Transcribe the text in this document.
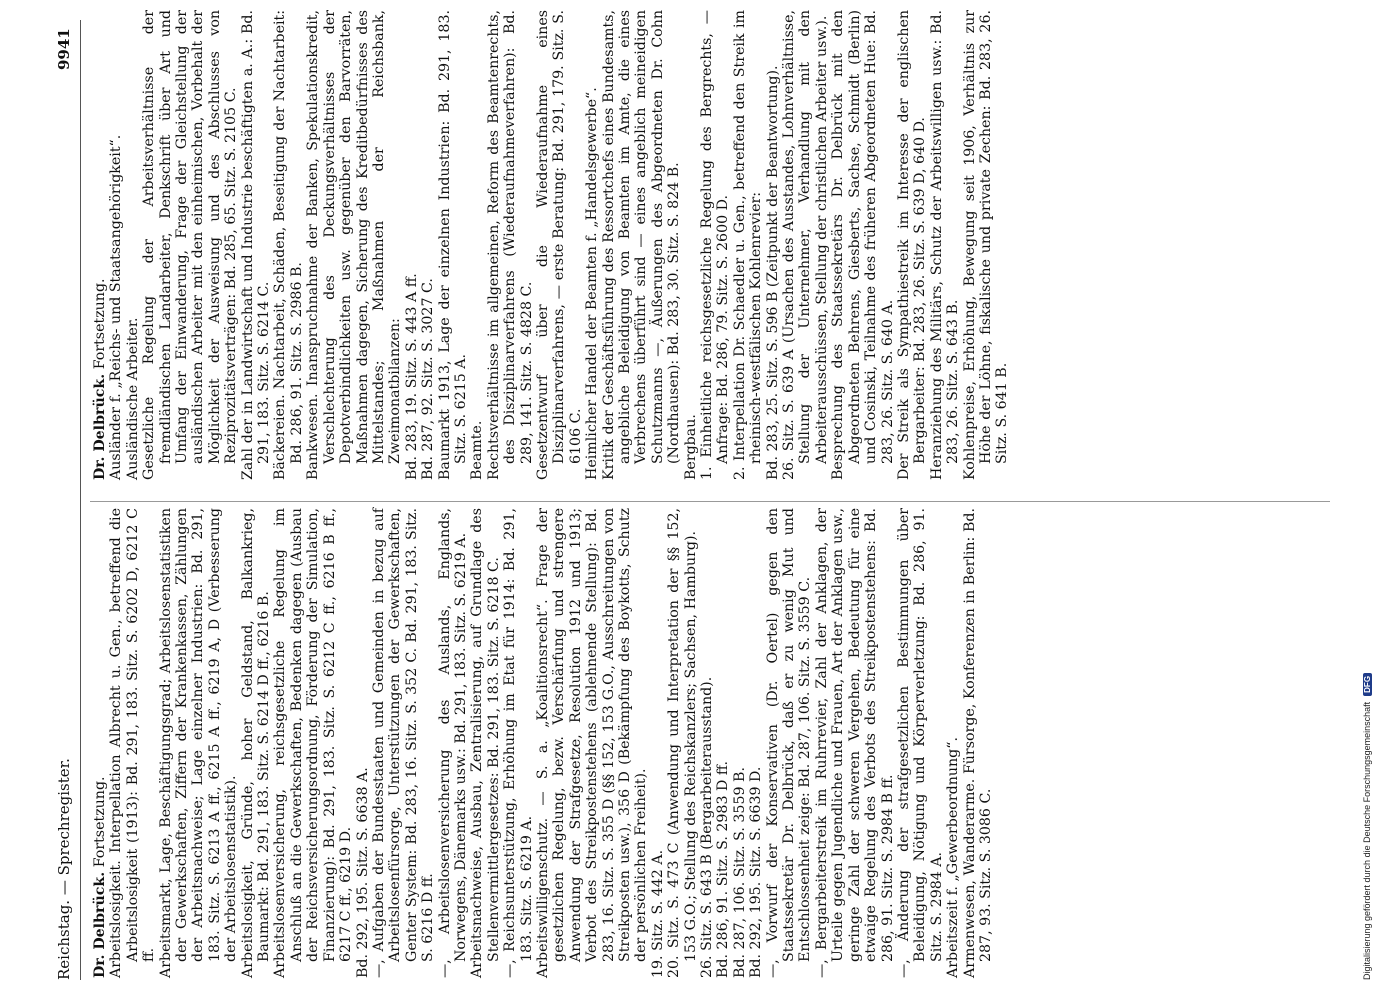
Reichstag. — Sprechregister.
9941
Dr. Delbrück. Fortsetzung. Arbeitslosigkeit. Interpellation Albrecht u. Gen., betreffend die Arbeitslosigkeit (1913): Bd. 291, 183. Sitz. S. 6202 D, 6212 C ff. Arbeitsmarkt, Lage, Beschäftigungsgrad; Arbeitslosenstatistiken der Gewerkschaften, Ziffern der Krankenkassen, Zählungen der Arbeitsnachweise; Lage einzelner Industrien: Bd. 291, 183. Sitz. S. 6213 A ff., 6215 A ff., 6219 A, D (Verbesserung der Arbeitslosenstatistik). Arbeitslosigkeit, Gründe, hoher Geldstand, Balkankrieg, Baumarkt: Bd. 291, 183. Sitz. S. 6214 D ff., 6216 B. Arbeitslosenversicherung, reichsgesetzliche Regelung im Anschluß an die Gewerkschaften, Bedenken dagegen (Ausbau der Reichsversicherungsordnung, Förderung der Simulation, Finanzierung): Bd. 291, 183. Sitz. S. 6212 C ff., 6216 B ff., 6217 C ff., 6219 D. Bd. 292, 195. Sitz. S. 6638 A. —, Aufgaben der Bundesstaaten und Gemeinden in bezug auf Arbeitslosenfürsorge, Unterstützungen der Gewerkschaften, Genter System: Bd. 283, 16. Sitz. S. 352 C. Bd. 291, 183. Sitz. S. 6216 D ff. —, Arbeitslosenversicherung des Auslands, Englands, Norwegens, Dänemarks usw.: Bd. 291, 183. Sitz. S. 6219 A. Arbeitsnachweise, Ausbau, Zentralisierung, auf Grundlage des Stellenvermittlergesetzes: Bd. 291, 183. Sitz. S. 6218 C. —, Reichsunterstützung, Erhöhung im Etat für 1914: Bd. 291, 183. Sitz. S. 6219 A. Arbeitswilligenschutz. — S. a. „Koalitionsrecht“. Frage der gesetzlichen Regelung, bezw. Verschärfung und strengere Anwendung der Strafgesetze, Resolution 1912 und 1913; Verbot des Streikpostenstehens (ablehnende Stellung): Bd. 283, 16. Sitz. S. 355 D (§§ 152, 153 G.O., Ausschreitungen von Streikposten usw.), 356 D (Bekämpfung des Boykotts, Schutz der persönlichen Freiheit). 19. Sitz. S. 442 A. 20. Sitz. S. 473 C (Anwendung und Interpretation der §§ 152, 153 G.O.; Stellung des Reichskanzlers; Sachsen, Hamburg). 26. Sitz. S. 643 B (Bergarbeiterausstand). Bd. 286, 91. Sitz. S. 2983 D ff. Bd. 287, 106. Sitz. S. 3559 B. Bd. 292, 195. Sitz. S. 6639 D. —, Vorwurf der Konservativen (Dr. Oertel) gegen den Staatssekretär Dr. Delbrück, daß er zu wenig Mut und Entschlossenheit zeige: Bd. 287, 106. Sitz. S. 3559 C. —, Bergarbeiterstreik im Ruhrrevier, Zahl der Anklagen, der Urteile gegen Jugendliche und Frauen, Art der Anklagen usw., geringe Zahl der schweren Vergehen, Bedeutung für eine etwaige Regelung des Verbots des Streikpostenstehens: Bd. 286, 91. Sitz. S. 2984 B ff. —, Änderung der strafgesetzlichen Bestimmungen über Beleidigung, Nötigung und Körperverletzung: Bd. 286, 91. Sitz. S. 2984 A. Arbeitszeit f. „Gewerbeordnung“. Armenwesen, Wanderarme. Fürsorge, Konferenzen in Berlin: Bd. 287, 93. Sitz. S. 3086 C.

Dr. Delbrück. Fortsetzung. Ausländer f. „Reichs- und Staatsangehörigkeit“. Ausländische Arbeiter. Gesetzliche Regelung der Arbeitsverhältnisse der fremdländischen Landarbeiter, Denkschrift über Art und Umfang der Einwanderung, Frage der Gleichstellung der ausländischen Arbeiter mit den einheimischen, Vorbehalt der Möglichkeit der Ausweisung und des Abschlusses von Reziprozitätsverträgen: Bd. 285, 65. Sitz. S. 2105 C. Zahl der in Landwirtschaft und Industrie beschäftigten a. A.: Bd. 291, 183. Sitz. S. 6214 C. Bäckereien. Nachtarbeit, Schäden, Beseitigung der Nachtarbeit: Bd. 286, 91. Sitz. S. 2986 B. Bankwesen. Inanspruchnahme der Banken, Spekulationskredit, Verschlechterung des Deckungsverhältnisses der Depotverbindlichkeiten usw. gegenüber den Barvorräten, Maßnahmen dagegen, Sicherung des Kreditbedürfnisses des Mittelstandes; Maßnahmen der Reichsbank, Zweimonatbilanzen: Bd. 283, 19. Sitz. S. 443 A ff. Bd. 287, 92. Sitz. S. 3027 C. Baumarkt 1913, Lage der einzelnen Industrien: Bd. 291, 183. Sitz. S. 6215 A. Beamte. Rechtsverhältnisse im allgemeinen, Reform des Beamtenrechts, des Disziplinarverfahrens (Wiederaufnahmeverfahren): Bd. 289, 141. Sitz. S. 4828 C. Gesetzentwurf über die Wiederaufnahme eines Disziplinarverfahrens, — erste Beratung: Bd. 291, 179. Sitz. S. 6106 C. Heimlicher Handel der Beamten f. „Handelsgewerbe“. Kritik der Geschäftsführung des Ressortchefs eines Bundesamts, angebliche Beleidigung von Beamten im Amte, die eines Verbrechens überführt sind — eines angeblich meineidigen Schutzmanns —, Äußerungen des Abgeordneten Dr. Cohn (Nordhausen): Bd. 283, 30. Sitz. S. 824 B. Bergbau. 1. Einheitliche reichsgesetzliche Regelung des Bergrechts, — Anfrage: Bd. 286, 79. Sitz. S. 2600 D. 2. Interpellation Dr. Schaedler u. Gen., betreffend den Streik im rheinisch-westfälischen Kohlenrevier: Bd. 283, 25. Sitz. S. 596 B (Zeitpunkt der Beantwortung). 26. Sitz. S. 639 A (Ursachen des Ausstandes, Lohnverhältnisse, Stellung der Unternehmer, Verhandlung mit den Arbeiterausschüssen, Stellung der christlichen Arbeiter usw.). Besprechung des Staatssekretärs Dr. Delbrück mit den Abgeordneten Behrens, Giesberts, Sachse, Schmidt (Berlin) und Cosinski, Teilnahme des früheren Abgeordneten Hue: Bd. 283, 26. Sitz. S. 640 A. Der Streik als Sympathiestreik im Interesse der englischen Bergarbeiter: Bd. 283, 26. Sitz. S. 639 D, 640 D. Heranziehung des Militärs, Schutz der Arbeitswilligen usw.: Bd. 283, 26. Sitz. S. 643 B. Kohlenpreise, Erhöhung, Bewegung seit 1906, Verhältnis zur Höhe der Löhne, fiskalische und private Zechen: Bd. 283, 26. Sitz. S. 641 B.

Digitalisierung gefördert durch die Deutsche ForschungsgemeinschaftDFG
